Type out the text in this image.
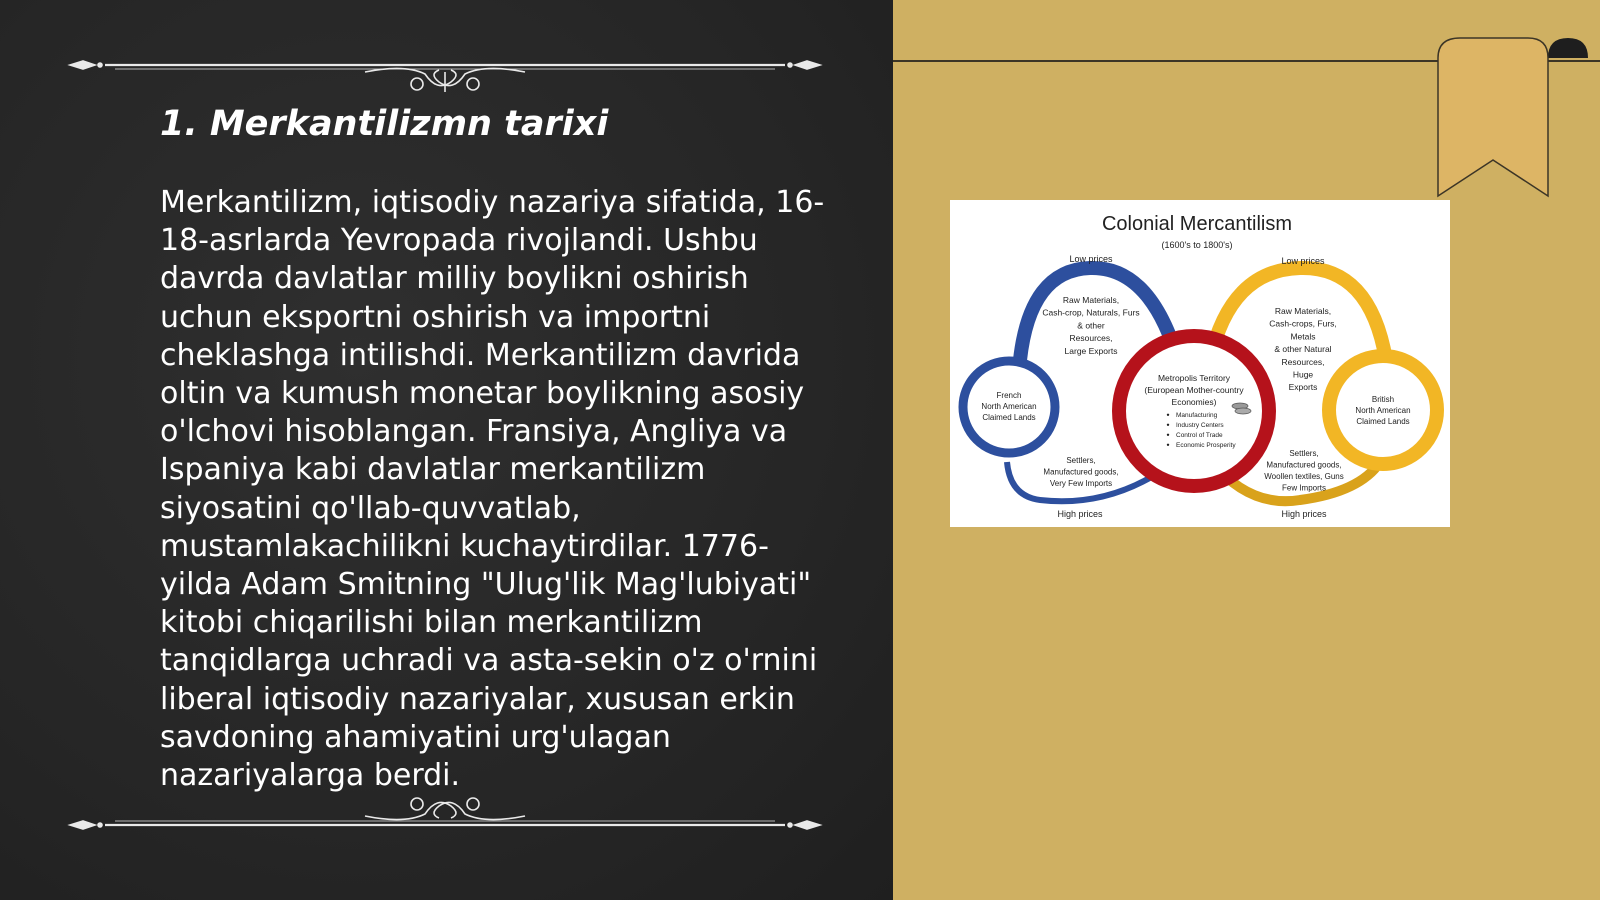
1. Merkantilizmn tarixi

Merkantilizm, iqtisodiy nazariya sifatida, 16-18-asrlarda Yevropada rivojlandi. Ushbu davrda davlatlar milliy boylikni oshirish uchun eksportni oshirish va importni cheklashga intilishdi. Merkantilizm davrida oltin va kumush monetar boylikning asosiy o'lchovi hisoblangan. Fransiya, Angliya va Ispaniya kabi davlatlar merkantilizm siyosatini qo'llab-quvvatlab, mustamlakachilikni kuchaytirdilar. 1776-yilda Adam Smitning "Ulug'lik Mag'lubiyati" kitobi chiqarilishi bilan merkantilizm tanqidlarga uchradi va asta-sekin o'z o'rnini liberal iqtisodiy nazariyalar, xususan erkin savdoning ahamiyatini urg'ulagan nazariyalarga berdi.

Colonial Mercantilism
(1600's to 1800's)
Low prices	Low prices
High prices	High prices
Raw Materials,
Cash-crop, Naturals, Furs
& other
Resources,
Large Exports
Raw Materials,
Cash-crops, Furs,
Metals
& other Natural
Resources,
Huge
Exports
Settlers,
Manufactured goods,
Very Few Imports
Settlers,
Manufactured goods,
Woollen textiles, Guns
Few Imports
French
North American
Claimed Lands
British
North American
Claimed Lands
Metropolis Territory
(European Mother-country
Economies)
Manufacturing
Industry Centers
Control of Trade
Economic Prosperity
